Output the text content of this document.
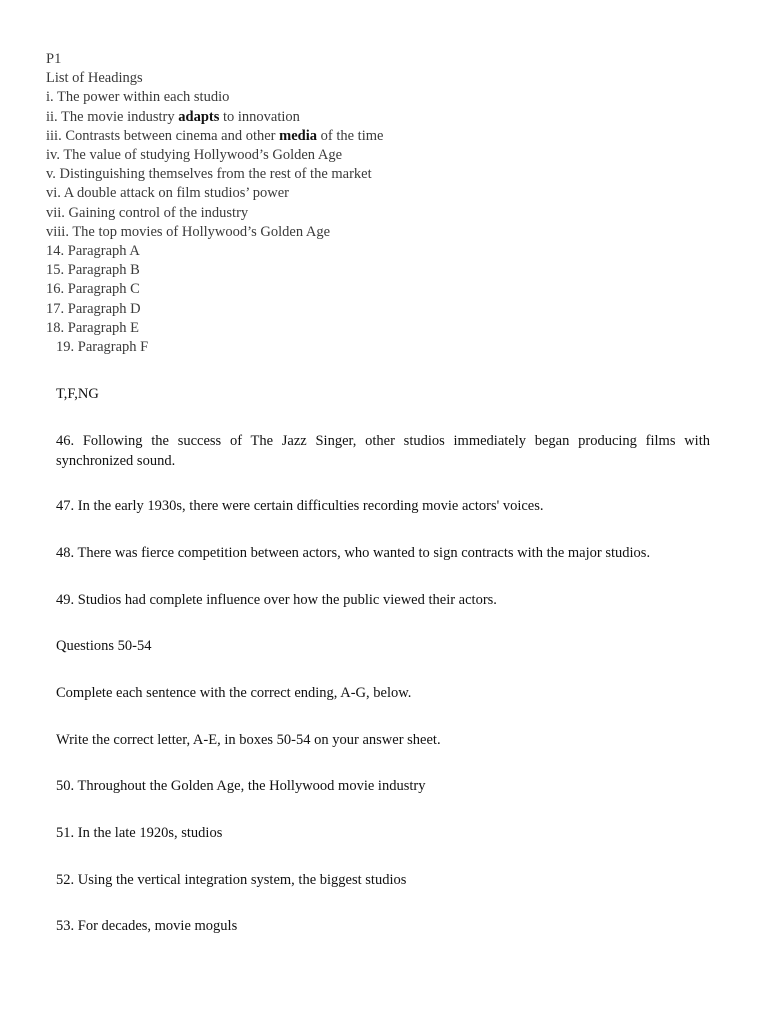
P1
List of Headings
i. The power within each studio
ii. The movie industry adapts to innovation
iii. Contrasts between cinema and other media of the time
iv. The value of studying Hollywood’s Golden Age
v. Distinguishing themselves from the rest of the market
vi. A double attack on film studios’ power
vii. Gaining control of the industry
viii. The top movies of Hollywood’s Golden Age
14. Paragraph A
15. Paragraph B
16. Paragraph C
17. Paragraph D
18. Paragraph E
19. Paragraph F
T,F,NG
46. Following the success of The Jazz Singer, other studios immediately began producing films with synchronized sound.
47. In the early 1930s, there were certain difficulties recording movie actors' voices.
48. There was fierce competition between actors, who wanted to sign contracts with the major studios.
49. Studios had complete influence over how the public viewed their actors.
Questions 50-54
Complete each sentence with the correct ending, A-G, below.
Write the correct letter, A-E, in boxes 50-54 on your answer sheet.
50. Throughout the Golden Age, the Hollywood movie industry
51. In the late 1920s, studios
52. Using the vertical integration system, the biggest studios
53. For decades, movie moguls
